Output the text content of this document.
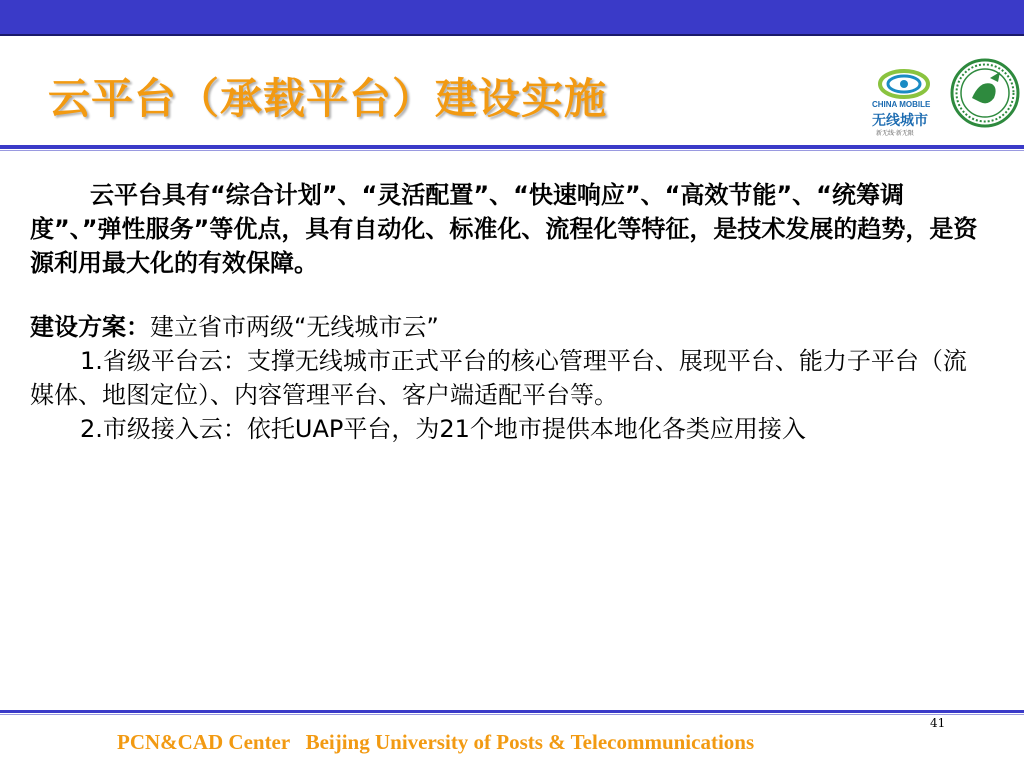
云平台（承载平台）建设实施	CHINA MOBILE
无线城市
新无线·新无限

云平台具有“综合计划”、“灵活配置”、“快速响应”、“高效节能”、“统筹调度”、”弹性服务”等优点，具有自动化、标准化、流程化等特征，是技术发展的趋势，是资源利用最大化的有效保障。

建设方案：建立省市两级“无线城市云”

1.省级平台云：支撑无线城市正式平台的核心管理平台、展现平台、能力子平台（流媒体、地图定位）、内容管理平台、客户端适配平台等。

2.市级接入云：依托UAP平台，为21个地市提供本地化各类应用接入

41
PCN&CAD Center   Beijing University of Posts & Telecommunications
